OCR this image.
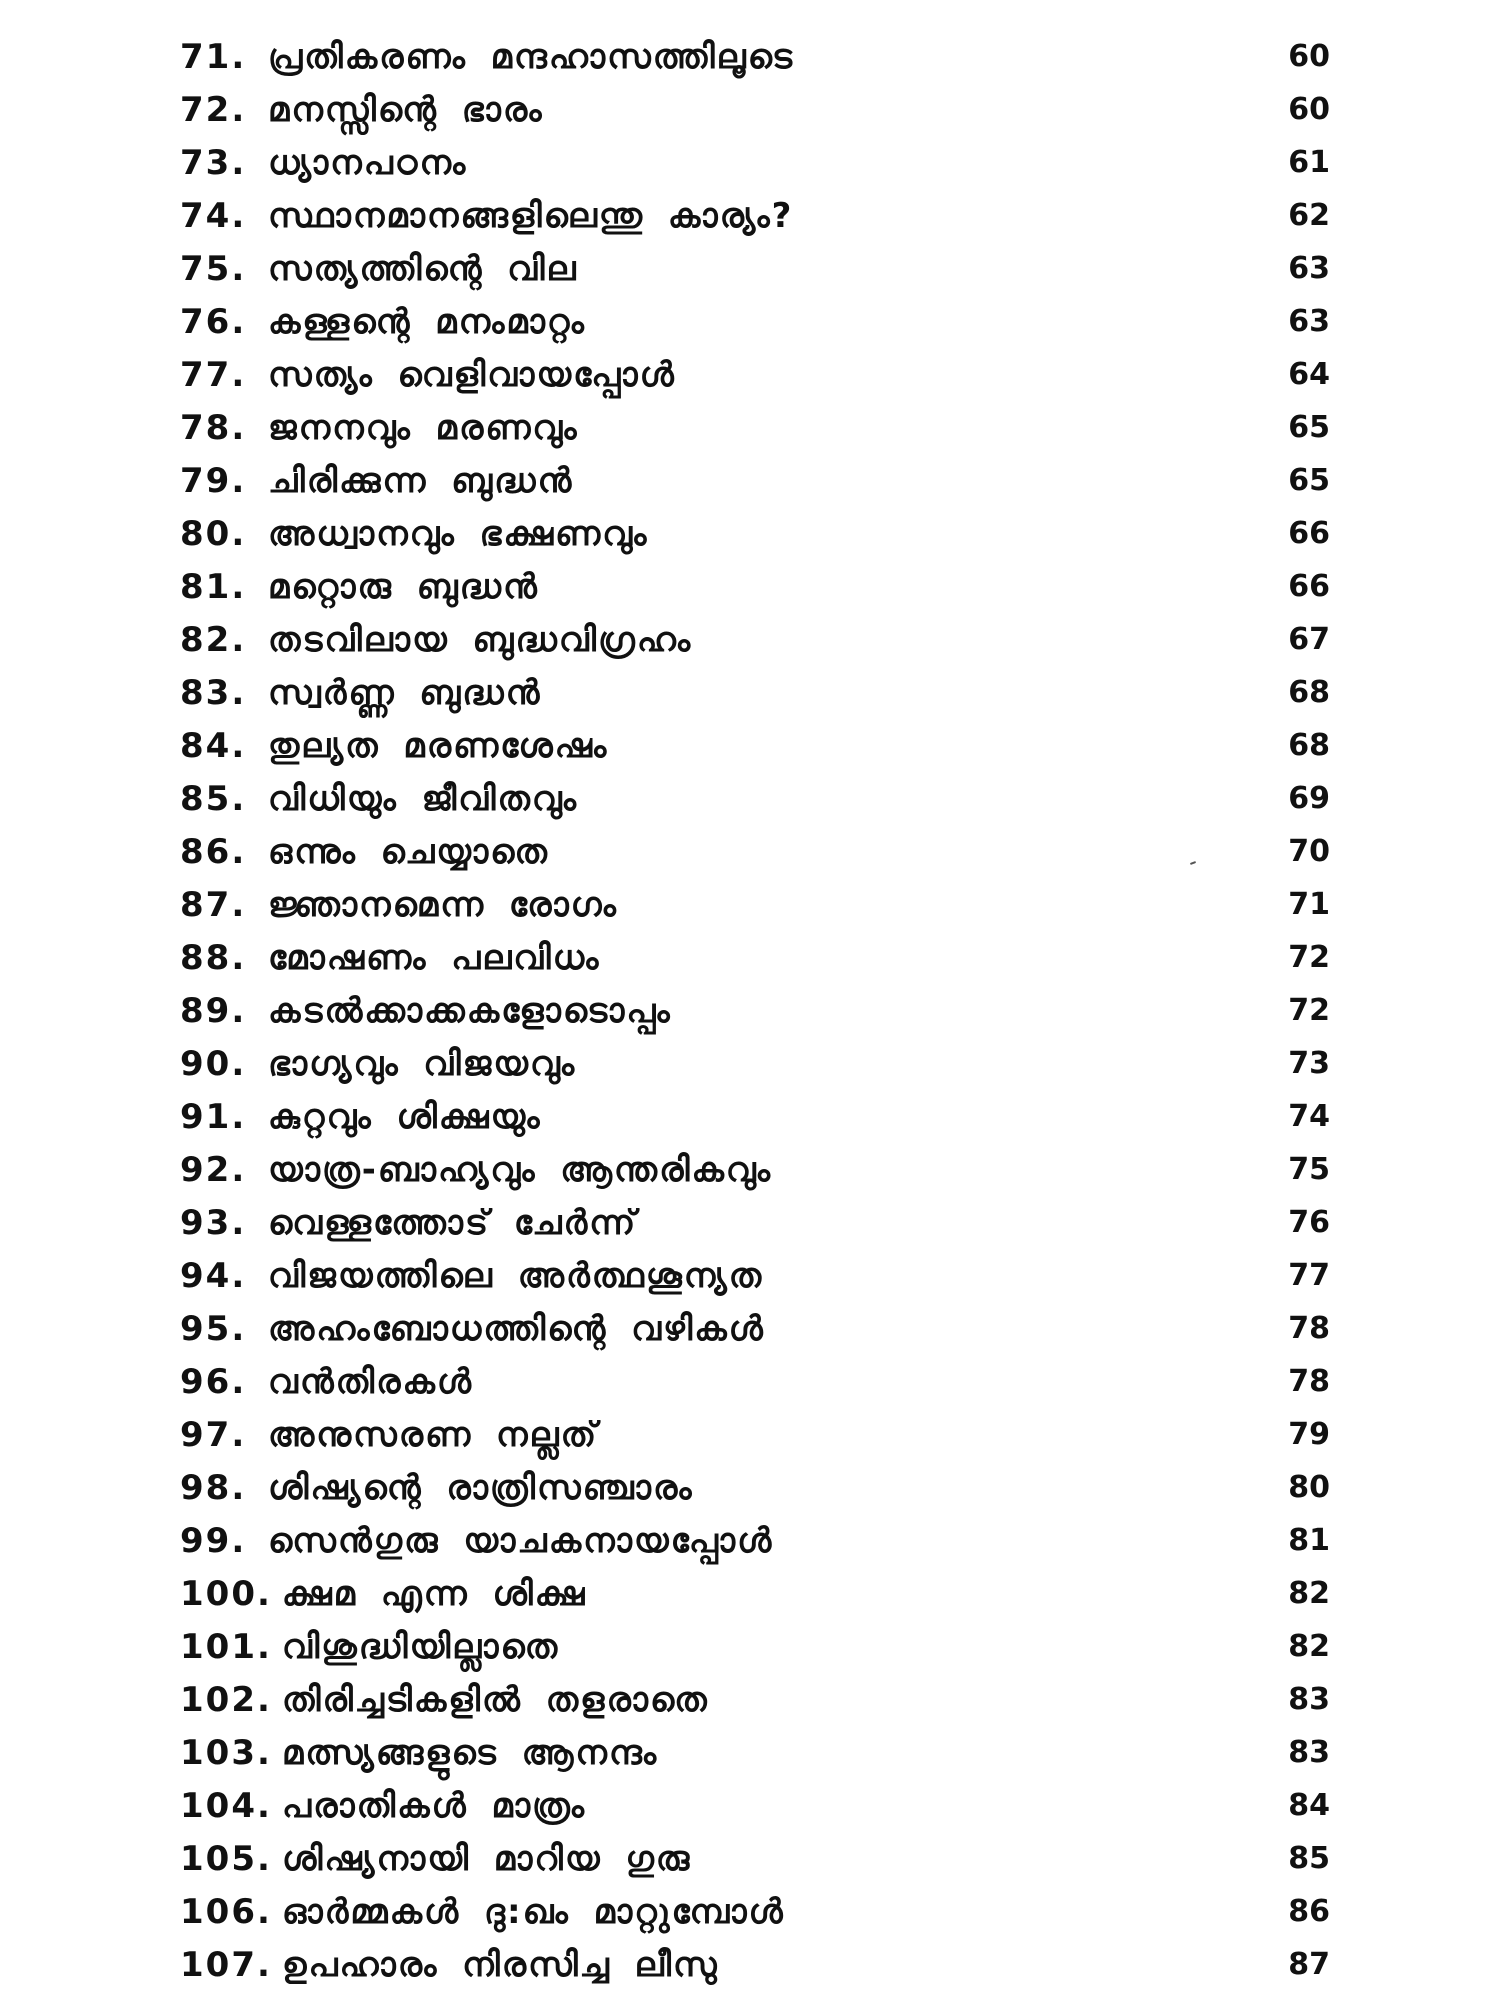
71. പ്രതികരണം മന്ദഹാസത്തിലൂടെ	60
72. മനസ്സിന്റെ ഭാരം	60
73. ധ്യാനപഠനം	61
74. സ്ഥാനമാനങ്ങളിലെന്തു കാര്യം?	62
75. സത്യത്തിന്റെ വില	63
76. കള്ളന്റെ മനംമാറ്റം	63
77. സത്യം വെളിവായപ്പോൾ	64
78. ജനനവും മരണവും	65
79. ചിരിക്കുന്ന ബുദ്ധൻ	65
80. അധ്വാനവും ഭക്ഷണവും	66
81. മറ്റൊരു ബുദ്ധൻ	66
82. തടവിലായ ബുദ്ധവിഗ്രഹം	67
83. സ്വർണ്ണ ബുദ്ധൻ	68
84. തുല്യത മരണശേഷം	68
85. വിധിയും ജീവിതവും	69
86. ഒന്നും ചെയ്യാതെ	70
87. ജ്ഞാനമെന്ന രോഗം	71
88. മോഷണം പലവിധം	72
89. കടൽക്കാക്കകളോടൊപ്പം	72
90. ഭാഗ്യവും വിജയവും	73
91. കുറ്റവും ശിക്ഷയും	74
92. യാത്ര-ബാഹ്യവും ആന്തരികവും	75
93. വെള്ളത്തോട് ചേർന്ന്	76
94. വിജയത്തിലെ അർത്ഥശൂന്യത	77
95. അഹംബോധത്തിന്റെ വഴികൾ	78
96. വൻതിരകൾ	78
97. അനുസരണ നല്ലത്	79
98. ശിഷ്യന്റെ രാത്രിസഞ്ചാരം	80
99. സെൻഗുരു യാചകനായപ്പോൾ	81
100. ക്ഷമ എന്ന ശിക്ഷ	82
101. വിശുദ്ധിയില്ലാതെ	82
102. തിരിച്ചടികളിൽ തളരാതെ	83
103. മത്സ്യങ്ങളുടെ ആനന്ദം	83
104. പരാതികൾ മാത്രം	84
105. ശിഷ്യനായി മാറിയ ഗുരു	85
106. ഓർമ്മകൾ ദു:ഖം മാറ്റുമ്പോൾ	86
107. ഉപഹാരം നിരസിച്ച ലീസു	87
